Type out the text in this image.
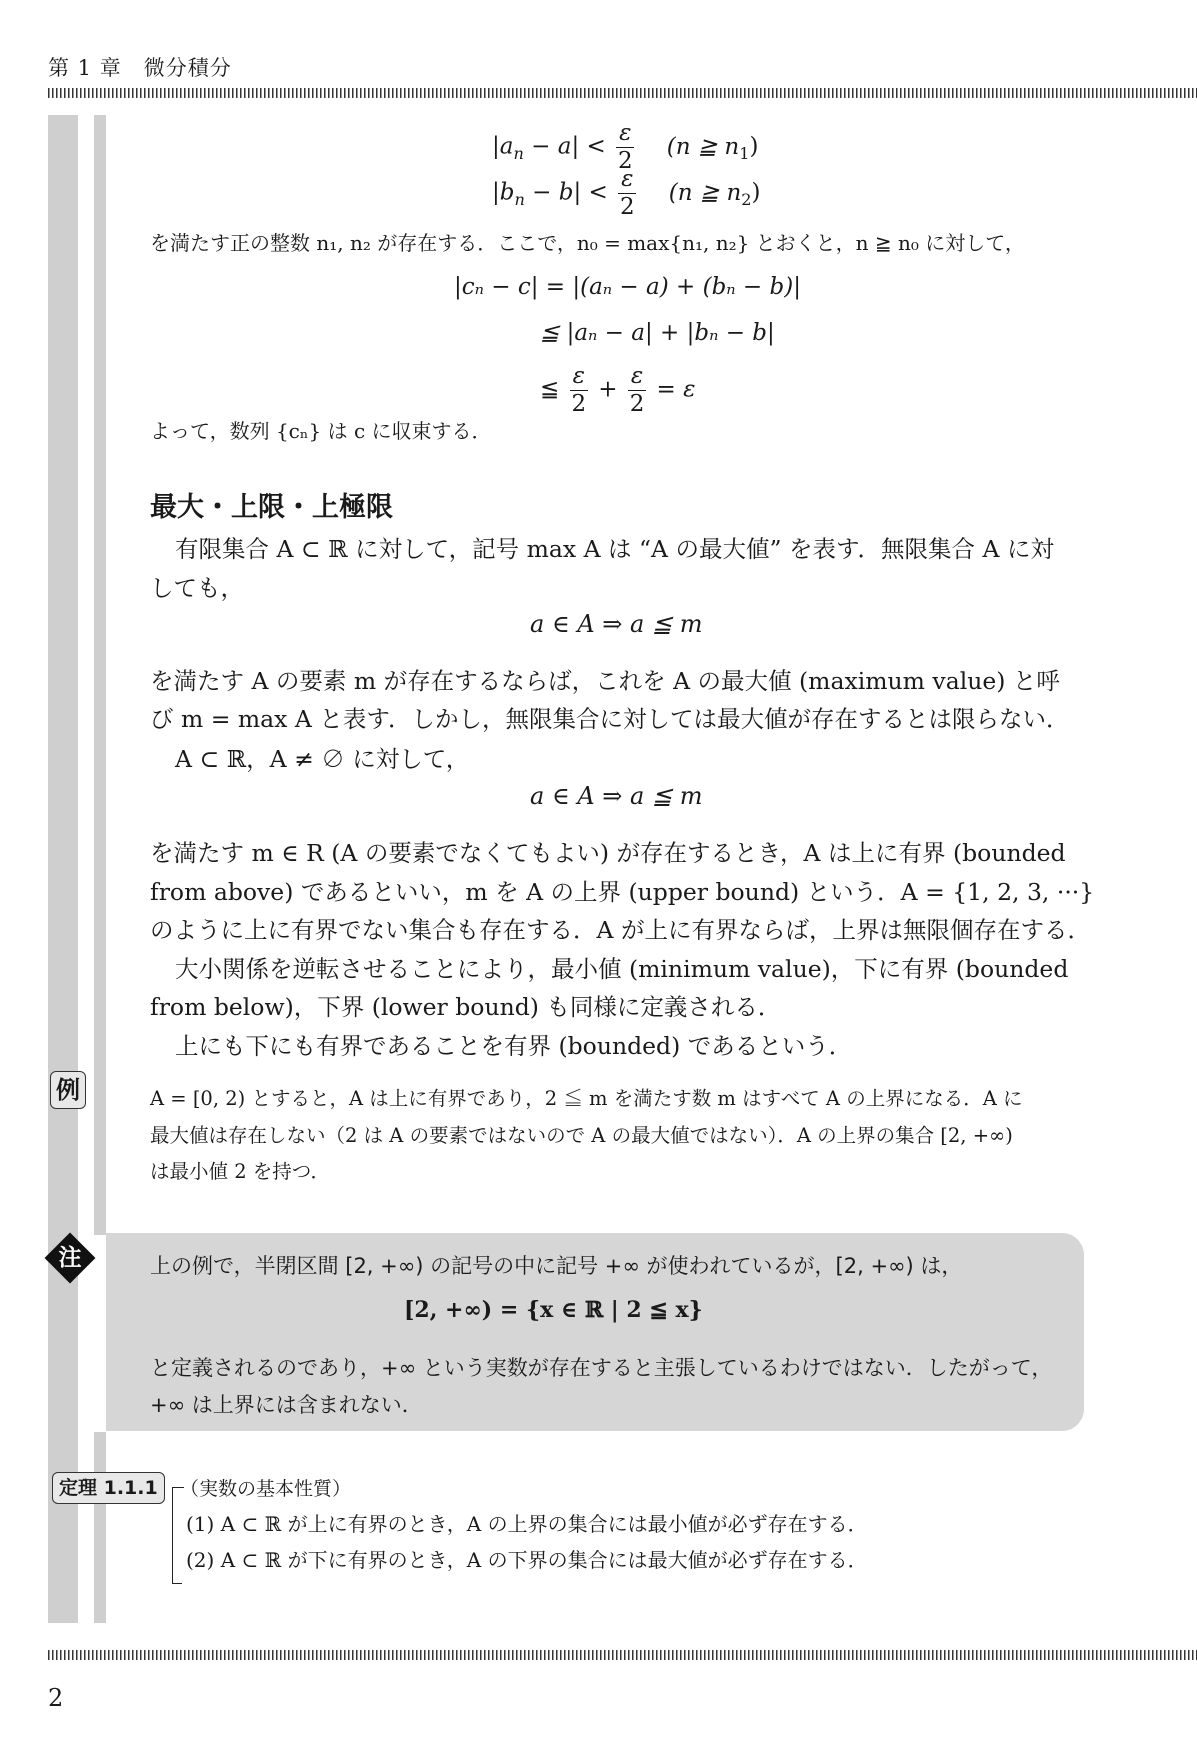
第 1 章　微分積分
$|a_n - a| < \frac{\varepsilon}{2} (n$ ≧ $n_1$)
$|b_n - b| < \frac{\varepsilon}{2} (n$ ≧ $n_2$)
を満たす正の整数 n₁, n₂ が存在する．ここで，n₀ = max{n₁, n₂} とおくと，n ≧ n₀ に対して，
|cₙ − c| = |(aₙ − a) + (bₙ − b)|
≦ |aₙ − a| + |bₙ − b|
≦ $\frac{\varepsilon}{2} + \frac{\varepsilon}{2} = \varepsilon$
よって，数列 {cₙ} は c に収束する．
最大・上限・上極限
有限集合 A ⊂ ℝ に対して，記号 max A は “A の最大値” を表す．無限集合 A に対
しても，
a ∈ A ⇒ a ≦ m
を満たす A の要素 m が存在するならば，これを A の最大値 (maximum value) と呼
び m = max A と表す．しかし，無限集合に対しては最大値が存在するとは限らない．
A ⊂ ℝ，A ≠ ∅ に対して，
a ∈ A ⇒ a ≦ m
を満たす m ∈ R (A の要素でなくてもよい) が存在するとき，A は上に有界 (bounded
from above) であるといい，m を A の上界 (upper bound) という．A = {1, 2, 3, ···}
のように上に有界でない集合も存在する．A が上に有界ならば，上界は無限個存在する．
大小関係を逆転させることにより，最小値 (minimum value)，下に有界 (bounded
from below)，下界 (lower bound) も同様に定義される．
上にも下にも有界であることを有界 (bounded) であるという．
例	A = [0, 2) とすると，A は上に有界であり，2 ≦ m を満たす数 m はすべて A の上界になる．A に
最大値は存在しない（2 は A の要素ではないので A の最大値ではない）．A の上界の集合 [2, +∞)
は最小値 2 を持つ．
注	上の例で，半閉区間 [2, +∞) の記号の中に記号 +∞ が使われているが，[2, +∞) は，
[2, +∞) = {x ∈ ℝ | 2 ≦ x}
と定義されるのであり，+∞ という実数が存在すると主張しているわけではない．したがって，
+∞ は上界には含まれない．
定理 1.1.1	（実数の基本性質）
(1) A ⊂ ℝ が上に有界のとき，A の上界の集合には最小値が必ず存在する．
(2) A ⊂ ℝ が下に有界のとき，A の下界の集合には最大値が必ず存在する．
2
